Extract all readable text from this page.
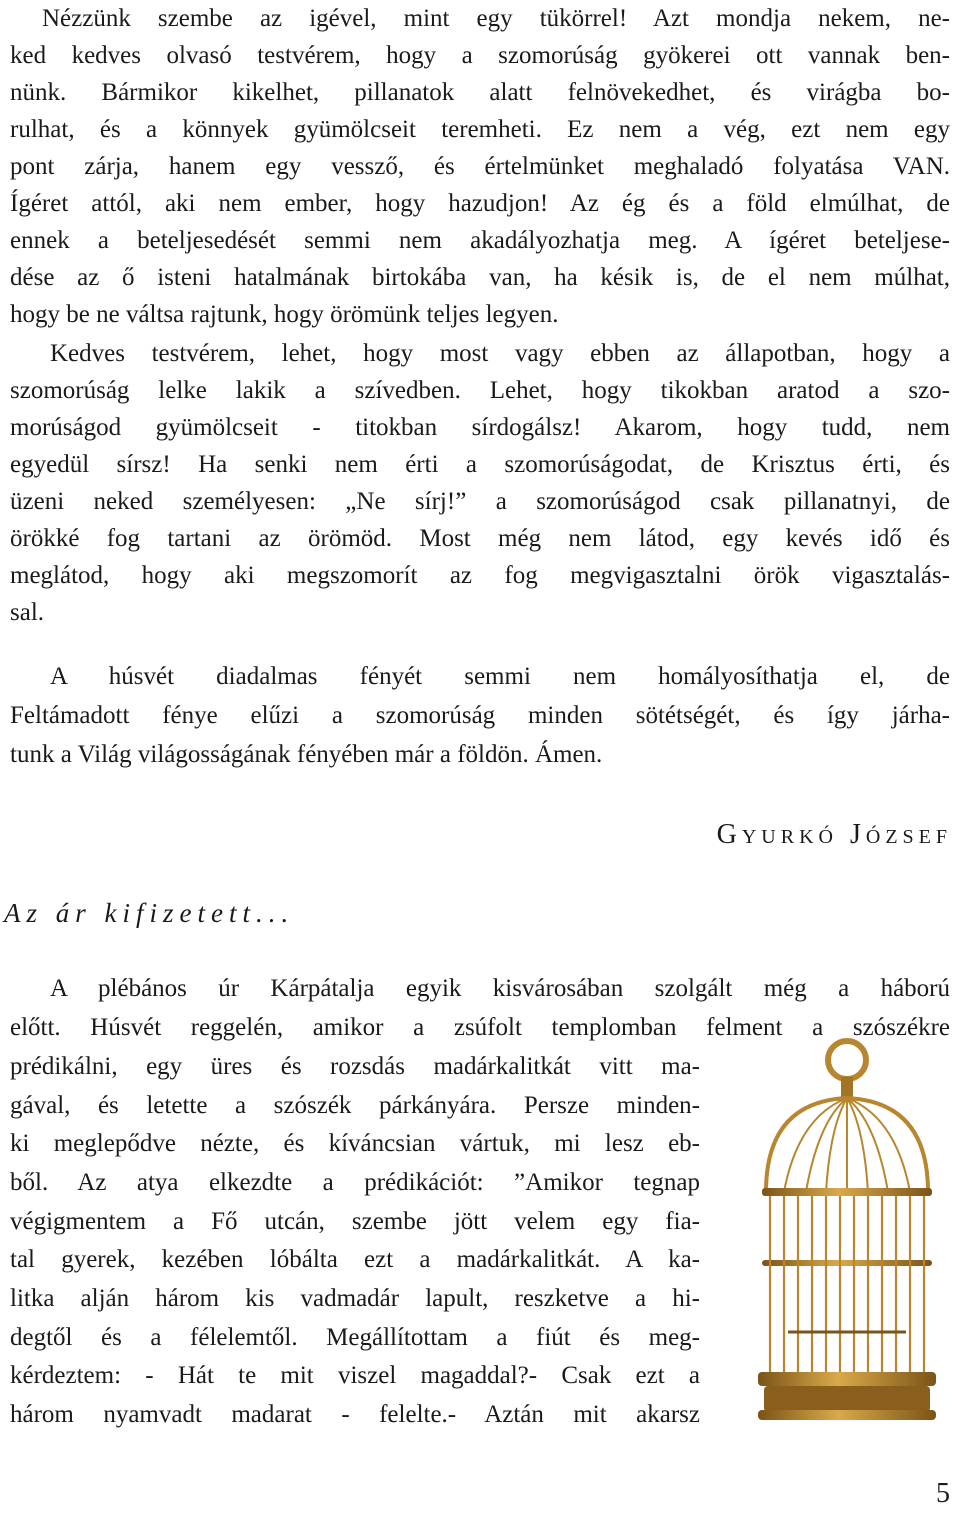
Nézzünk szembe az igével, mint egy tükörrel! Azt mondja nekem, ne-
ked kedves olvasó testvérem, hogy a szomorúság gyökerei ott vannak ben-
nünk. Bármikor kikelhet, pillanatok alatt felnövekedhet, és virágba bo-
rulhat, és a könnyek gyümölcseit teremheti. Ez nem a vég, ezt nem egy
pont zárja, hanem egy vessző, és értelmünket meghaladó folyatása VAN.
Ígéret attól, aki nem ember, hogy hazudjon! Az ég és a föld elmúlhat, de
ennek a beteljesedését semmi nem akadályozhatja meg. A ígéret beteljese-
dése az ő isteni hatalmának birtokába van, ha késik is, de el nem múlhat,
hogy be ne váltsa rajtunk, hogy örömünk teljes legyen.
Kedves testvérem, lehet, hogy most vagy ebben az állapotban, hogy a
szomorúság lelke lakik a szívedben. Lehet, hogy tikokban aratod a szo-
morúságod gyümölcseit - titokban sírdogálsz! Akarom, hogy tudd, nem
egyedül sírsz! Ha senki nem érti a szomorúságodat, de Krisztus érti, és
üzeni neked személyesen: „Ne sírj!” a szomorúságod csak pillanatnyi, de
örökké fog tartani az örömöd. Most még nem látod, egy kevés idő és
meglátod, hogy aki megszomorít az fog megvigasztalni örök vigasztalás-
sal.
A húsvét diadalmas fényét semmi nem homályosíthatja el, de
Feltámadott fénye elűzi a szomorúság minden sötétségét, és így járha-
tunk a Világ világosságának fényében már a földön. Ámen.
Gyurkó József
Az ár kifizetett...
A plébános úr Kárpátalja egyik kisvárosában szolgált még a háború
előtt. Húsvét reggelén, amikor a zsúfolt templomban felment a szószékre
prédikálni, egy üres és rozsdás madárkalitkát vitt ma-
gával, és letette a szószék párkányára. Persze minden-
ki meglepődve nézte, és kíváncsian vártuk, mi lesz eb-
ből. Az atya elkezdte a prédikációt: ”Amikor tegnap
végigmentem a Fő utcán, szembe jött velem egy fia-
tal gyerek, kezében lóbálta ezt a madárkalitkát. A ka-
litka alján három kis vadmadár lapult, reszketve a hi-
degtől és a félelemtől. Megállítottam a fiút és meg-
kérdeztem: - Hát te mit viszel magaddal?- Csak ezt a
három nyamvadt madarat - felelte.- Aztán mit akarsz
5
